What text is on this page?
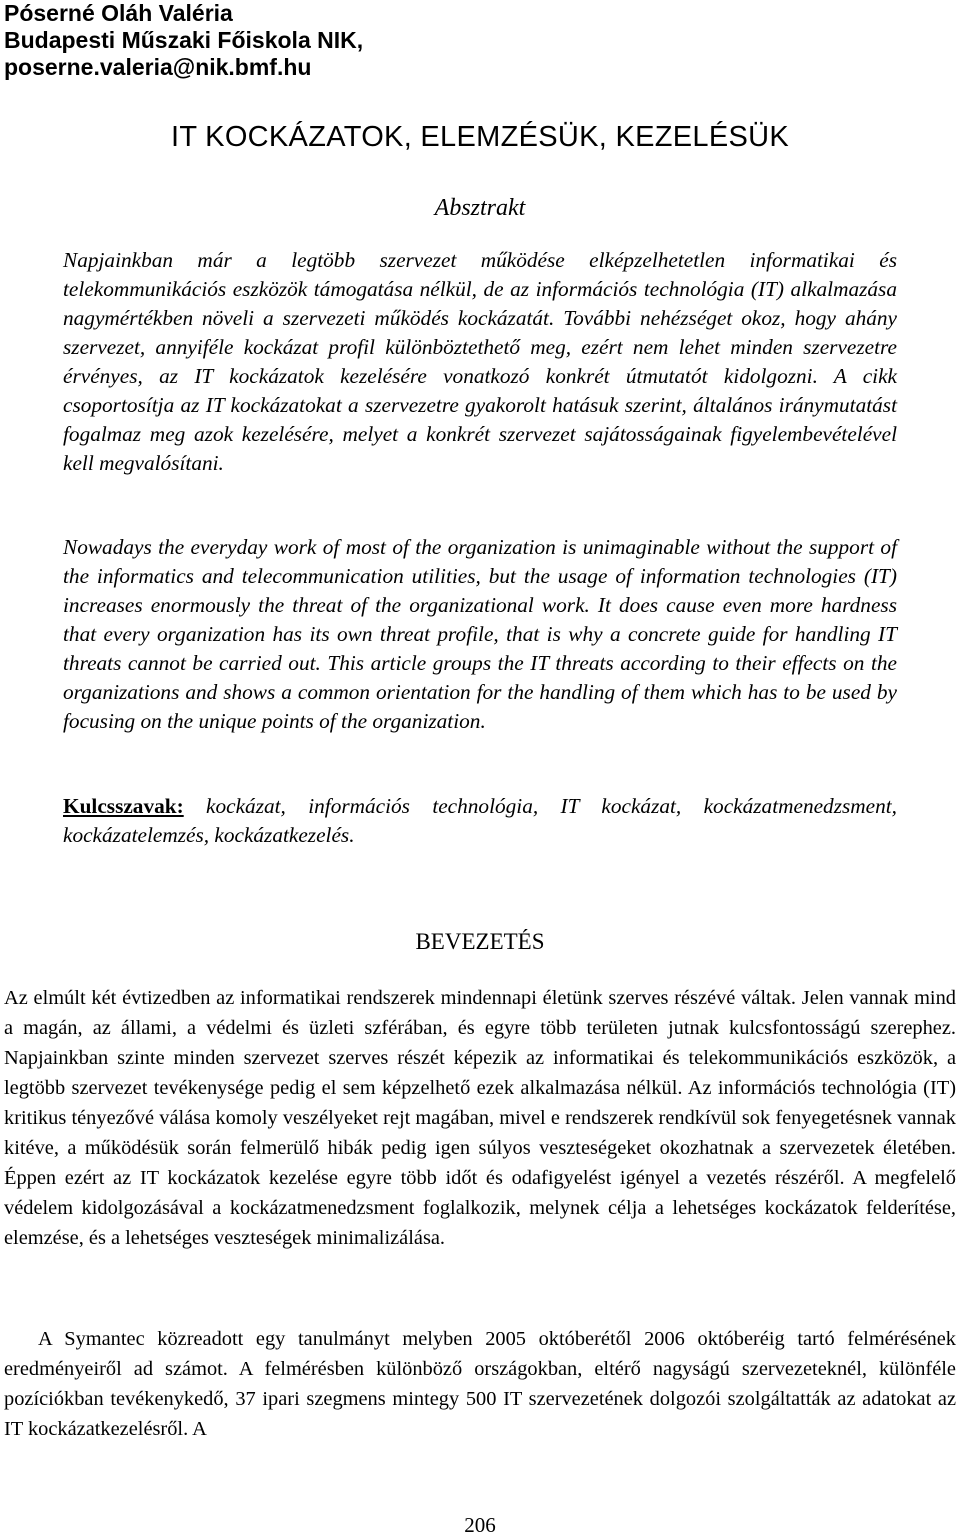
Póserné Oláh Valéria
Budapesti Műszaki Főiskola NIK,
poserne.valeria@nik.bmf.hu
IT KOCKÁZATOK, ELEMZÉSÜK, KEZELÉSÜK
Absztrakt
Napjainkban már a legtöbb szervezet működése elképzelhetetlen informatikai és telekommunikációs eszközök támogatása nélkül, de az információs technológia (IT) alkalmazása nagymértékben növeli a szervezeti működés kockázatát. További nehézséget okoz, hogy ahány szervezet, annyiféle kockázat profil különböztethető meg, ezért nem lehet minden szervezetre érvényes, az IT kockázatok kezelésére vonatkozó konkrét útmutatót kidolgozni. A cikk csoportosítja az IT kockázatokat a szervezetre gyakorolt hatásuk szerint, általános iránymutatást fogalmaz meg azok kezelésére, melyet a konkrét szervezet sajátosságainak figyelembevételével kell megvalósítani.
Nowadays the everyday work of most of the organization is unimaginable without the support of the informatics and telecommunication utilities, but the usage of information technologies (IT) increases enormously the threat of the organizational work. It does cause even more hardness that every organization has its own threat profile, that is why a concrete guide for handling IT threats cannot be carried out. This article groups the IT threats according to their effects on the organizations and shows a common orientation for the handling of them which has to be used by focusing on the unique points of the organization.
Kulcsszavak: kockázat, információs technológia, IT kockázat, kockázatmenedzsment, kockázatelemzés, kockázatkezelés.
BEVEZETÉS
Az elmúlt két évtizedben az informatikai rendszerek mindennapi életünk szerves részévé váltak. Jelen vannak mind a magán, az állami, a védelmi és üzleti szférában, és egyre több területen jutnak kulcsfontosságú szerephez. Napjainkban szinte minden szervezet szerves részét képezik az informatikai és telekommunikációs eszközök, a legtöbb szervezet tevékenysége pedig el sem képzelhető ezek alkalmazása nélkül. Az információs technológia (IT) kritikus tényezővé válása komoly veszélyeket rejt magában, mivel e rendszerek rendkívül sok fenyegetésnek vannak kitéve, a működésük során felmerülő hibák pedig igen súlyos veszteségeket okozhatnak a szervezetek életében. Éppen ezért az IT kockázatok kezelése egyre több időt és odafigyelést igényel a vezetés részéről. A megfelelő védelem kidolgozásával a kockázatmenedzsment foglalkozik, melynek célja a lehetséges kockázatok felderítése, elemzése, és a lehetséges veszteségek minimalizálása.
A Symantec közreadott egy tanulmányt melyben 2005 októberétől 2006 októberéig tartó felmérésének eredményeiről ad számot. A felmérésben különböző országokban, eltérő nagyságú szervezeteknél, különféle pozíciókban tevékenykedő, 37 ipari szegmens mintegy 500 IT szervezetének dolgozói szolgáltatták az adatokat az IT kockázatkezelésről. A
206
